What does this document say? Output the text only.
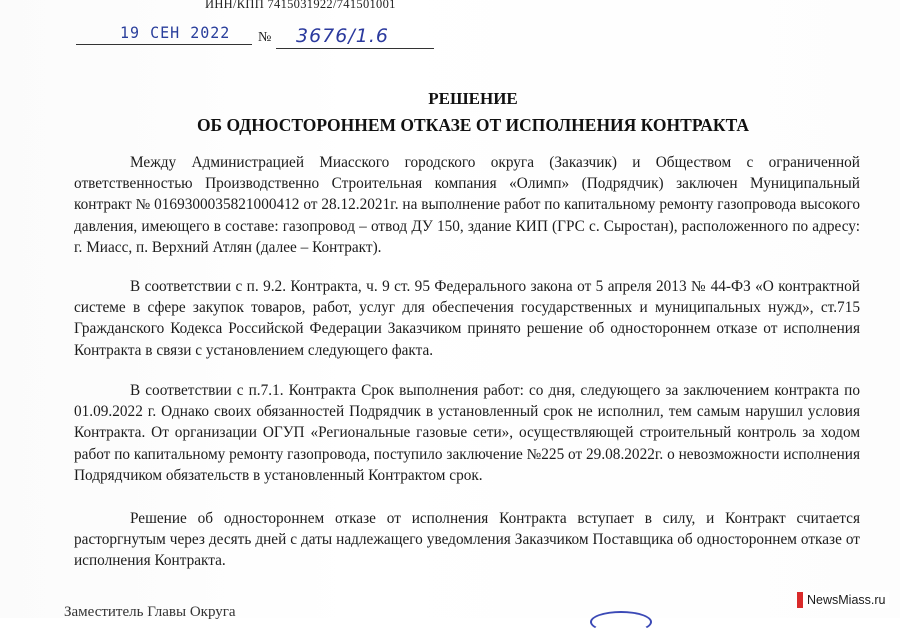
ИНН/КПП 7415031922/741501001
19 СЕН 2022 № 3676/1.6
РЕШЕНИЕ
ОБ ОДНОСТОРОННЕМ ОТКАЗЕ ОТ ИСПОЛНЕНИЯ КОНТРАКТА
Между Администрацией Миасского городского округа (Заказчик) и Обществом с ограниченной ответственностью Производственно Строительная компания «Олимп» (Подрядчик) заключен Муниципальный контракт № 0169300035821000412 от 28.12.2021г. на выполнение работ по капитальному ремонту газопровода высокого давления, имеющего в составе: газопровод – отвод ДУ 150, здание КИП (ГРС с. Сыростан), расположенного по адресу: г. Миасс, п. Верхний Атлян (далее – Контракт).
В соответствии с п. 9.2. Контракта, ч. 9 ст. 95 Федерального закона от 5 апреля 2013 № 44-ФЗ «О контрактной системе в сфере закупок товаров, работ, услуг для обеспечения государственных и муниципальных нужд», ст.715 Гражданского Кодекса Российской Федерации Заказчиком принято решение об одностороннем отказе от исполнения Контракта в связи с установлением следующего факта.
В соответствии с п.7.1. Контракта Срок выполнения работ: со дня, следующего за заключением контракта по 01.09.2022 г. Однако своих обязанностей Подрядчик в установленный срок не исполнил, тем самым нарушил условия Контракта. От организации ОГУП «Региональные газовые сети», осуществляющей строительный контроль за ходом работ по капитальному ремонту газопровода, поступило заключение №225 от 29.08.2022г. о невозможности исполнения Подрядчиком обязательств в установленный Контрактом срок.
Решение об одностороннем отказе от исполнения Контракта вступает в силу, и Контракт считается расторгнутым через десять дней с даты надлежащего уведомления Заказчиком Поставщика об одностороннем отказе от исполнения Контракта.
Заместитель Главы Округа
NewsMiass.ru
